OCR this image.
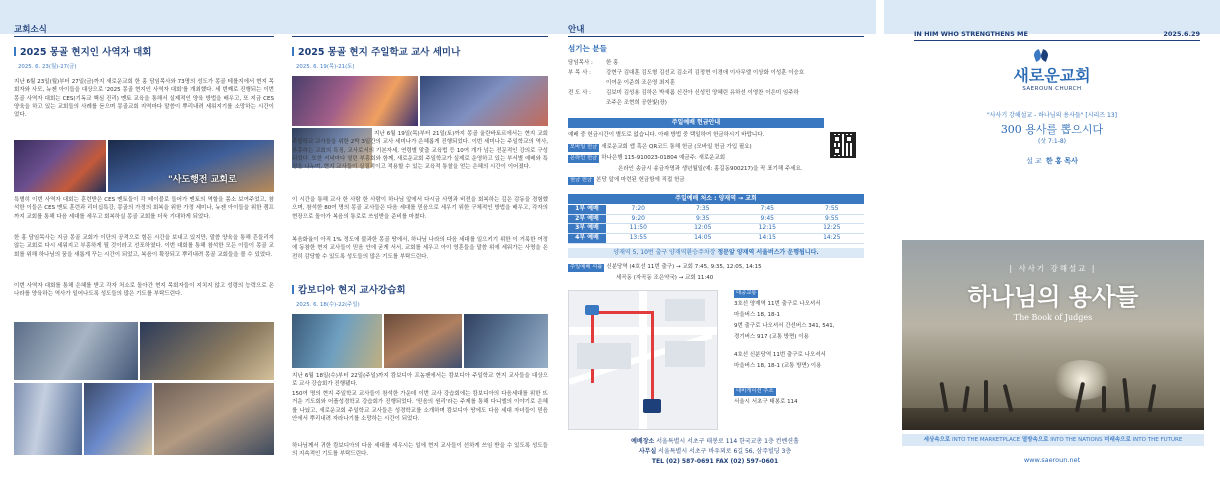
교회소식
2025 몽골 현지인 사역자 대회
2025. 6. 23(월)-27(금)
지난 6월 23일(월)부터 27일(금)까지 새로운교회 한 홍 담임목사와 73명의 성도가 몽골 테를지에서 현지 목회자와 사모, 뉴젠 아이들을 대상으로 '2025 몽골 현지인 사역자 대회'를 개최했다. 세 번째로 진행되는 이번 몽골 사역자 대회는 CES(기독교 핵심 진리) 멘토 교육을 통해서 실제적인 양육 방법을 배우고, 또 지금 CES 양육을 하고 있는 교회들의 사례를 듣으며 몽골교회 지역마다 말씀이 뿌리내려 세워지기를 소망하는 시간이었다.
"사도행전 교회로
특별히 이번 사역자 대회는 훈련받은 CES 멘토들이 각 테이블로 들어가 멘토의 역할을 몸소 보여주었고, 참석한 이들은 CES 멘토 훈련과 리더십특강, 몽골의 가정의 회복을 위한 가정 세미나, 뉴젠 아이들을 위한 캠프까지 교회를 통해 다음 세대를 세우고 회복하실 몽골 교회를 더욱 기대하게 되었다.
한 홍 담임목사는 지금 몽골 교회가 이단의 공격으로 힘든 시간을 보내고 있지만, 말씀 양육을 통해 흔들리지 않는 교회로 다시 세워지고 부흥하게 될 것이라고 선포하였다. 이번 대회를 통해 참석한 모든 이들이 몽골 교회를 위해 하나님의 꿈을 새롭게 꾸는 시간이 되었고, 복음이 확장되고 뿌리내려 몽골 교회들을 볼 수 있었다.
이번 사역자 대회를 통해 은혜를 받고 각자 처소로 돌아간 현지 목회자들이 지치지 않고 성령의 능력으로 온 나라를 양육하는 역사가 일어나도록 성도들의 많은 기도를 부탁드린다.
2025 몽골 현지 주일학교 교사 세미나
2025. 6. 19(목)-21(토)
지난 6월 19일(목)부터 21일(토)까지 몽골 울란바토르에서는 현지 교회 주일학교 교사들을 위한 2박 3일간의 교사 세미나가 은혜롭게 진행되었다. 이번 세미나는 주일학교의 역사, 부흥하는 교회의 특징, 교사로서의 기본자세, 연령별 맞춤 교육법 등 10여 개가 넘는 전문적인 강의로 구성되었다. 또한 저녁마다 열린 부흥회와 함께, 새로운교회 주일학교가 실제로 운영하고 있는 부서별 예배와 특징을 나누며, 현지 교사들이 실질적이고 적용할 수 있는 교육적 통찰을 얻는 은혜의 시간이 이어졌다.
이 시간을 통해 교사 한 사람 한 사람이 하나님 앞에서 다시금 사명과 비전을 회복하는 깊은 감동을 경험했으며, 참석한 80여 명의 몽골 교사들은 다음 세대를 믿음으로 세우기 위한 구체적인 방법을 배우고, 각자의 현장으로 돌아가 복음의 통로로 쓰임받을 준비를 마쳤다.
복음화율이 아직 1% 정도에 불과한 몽골 땅에서, 하나님 나라의 다음 세대를 일으키기 위한 이 거룩한 여정에 동참한 현지 교사들이 믿음 안에 굳게 서서, 교회를 세우고 아이 영혼들을 말씀 위에 세워가는 사명을 온전히 감당할 수 있도록 성도들의 많은 기도를 부탁드린다.
캄보디아 현지 교사강습회
2025. 6. 18(수)-22(주일)
지난 6월 18일(수)부터 22일(주일)까지 캄보디아 프놈펜에서는 캄보디아 주일학교 현지 교사들을 대상으로 교사 강습회가 진행됐다.
150여 명의 현지 주일학교 교사들이 참석한 가운데 이번 교사 강습회에는 캄보디아의 다음세대를 위한 뜨거운 기도회와 어플성경학교 강습회가 진행되었다. '믿음의 원리'라는 주제를 통해 다니엘의 이야기로 은혜를 나눴고, 새로운교회 주일학교 교사들은 성경학교를 소개하며 캄보디아 땅에도 다음 세대 자녀들이 믿음 안에서 뿌리내려 자라나기를 소망하는 시간이 되었다.
하나님께서 귀한 캄보디아의 다음 세대를 세우시는 일에 현지 교사들이 선하게 쓰임 받을 수 있도록 성도들의 지속적인 기도를 부탁드린다.
안내
섬기는 분들
담임목사 : 한 홍
부 목 사 :	강현구 김대훈 김도형 김선교 김소리 김정현 이경애 이사무엘 이상화 이성훈 이승호
이여운 이준희 조은영 최지훈
전 도 사 :	김보미 김성용 김하은 박새롬 신건아 신성민 양혜린 유하선 이영찬 이은미 임주하
조주은 조현희 공한빛(장)
주일예배 헌금안내
예배 중 헌금시간이 별도로 없습니다. 아래 방법 중 택일하여 헌금하시기 바랍니다.
모바일 헌금 새로운교회 앱 혹은 QR코드 통해 헌금 (모바일 헌금 가입 필요)
온라인 헌금 하나은행 115-910023-01804 예금주: 새로운교회
온라인 송금시 송금자명과 생년월일(예: 홍길동900217)을 꼭 표기해 주세요.
현금 헌금 본당 앞에 마련된 헌금함에 직접 헌금
주일예배 처소 : 양재역 → 교회
1부 예배	7:20	7:35	7:45	7:55
2부 예배	9:20	9:35	9:45	9:55
3부 예배	11:50	12:05	12:15	12:25
4부 예배	13:55	14:05	14:15	14:25
양재역 5, 10번 출구 양재역환승주차장 정문앞 양재역 서울버스가 운행됩니다.
주일예배 셔틀 신분당역 (4호선 11번 출구) → 교회 7:45, 9:35, 12:05, 14:15
세곡동 (자곡동 조은약국) → 교회 11:40
대중교통
3호선 양재역 11번 출구로 나오셔서
마을버스 18, 18-1
9번 출구로 나오셔서 간선버스 341, 541,
경기버스 917 (교통 방면) 이용
4호선 신분당역 11번 출구로 나오셔서
마을버스 18, 18-1 (교통 방면) 이용
내비게이션 주소
서울시 서초구 태봉로 114
예배장소 서울특별시 서초구 태봉로 114 한국교총 1층 컨벤션홀
사무실 서울특별시 서초구 바우뫼로 6길 56, 삼주빌딩 3층
TEL (02) 587-0691 FAX (02) 597-0601
IN HIM WHO STRENGTHENS ME	2025.6.29
새로운교회
SAEROUN CHURCH
"사사기 강해설교 - 하나님의 용사들" [시리즈 13]
300 용사를 뽑으시다
(삿 7:1-8)
설교 한 홍 목사
| 사사기 강해설교 |
하나님의 용사들
The Book of Judges
세상속으로 INTO THE MARKETPLACE 열방속으로 INTO THE NATIONS 미래속으로 INTO THE FUTURE
www.saeroun.net
